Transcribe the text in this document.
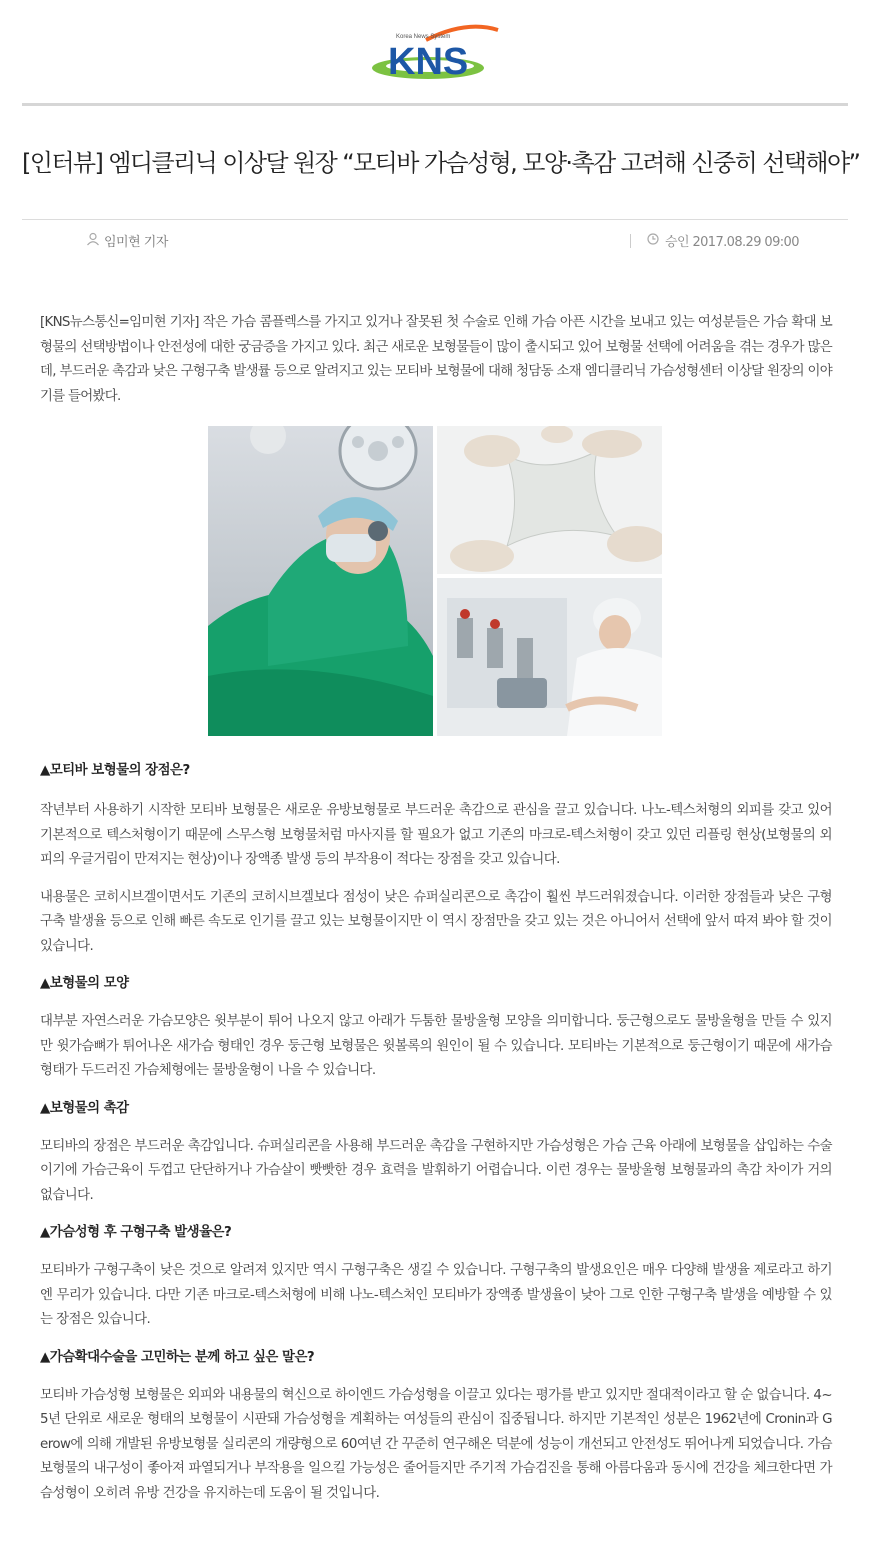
KNS
Korea News System
[인터뷰] 엠디클리닉 이상달 원장 “모티바 가슴성형, 모양·촉감 고려해 신중히 선택해야”
임미현 기자	승인 2017.08.29 09:00

[KNS뉴스통신=임미현 기자] 작은 가슴 콤플렉스를 가지고 있거나 잘못된 첫 수술로 인해 가슴 아픈 시간을 보내고 있는 여성분들은 가슴 확대 보형물의 선택방법이나 안전성에 대한 궁금증을 가지고 있다. 최근 새로운 보형물들이 많이 출시되고 있어 보형물 선택에 어려움을 겪는 경우가 많은데, 부드러운 촉감과 낮은 구형구축 발생률 등으로 알려지고 있는 모티바 보형물에 대해 청담동 소재 엠디클리닉 가슴성형센터 이상달 원장의 이야기를 들어봤다.

▲모티바 보형물의 장점은?

작년부터 사용하기 시작한 모티바 보형물은 새로운 유방보형물로 부드러운 촉감으로 관심을 끌고 있습니다. 나노-텍스처형의 외피를 갖고 있어 기본적으로 텍스처형이기 때문에 스무스형 보형물처럼 마사지를 할 필요가 없고 기존의 마크로-텍스처형이 갖고 있던 리플링 현상(보형물의 외피의 우글거림이 만져지는 현상)이나 장액종 발생 등의 부작용이 적다는 장점을 갖고 있습니다.

내용물은 코히시브겔이면서도 기존의 코히시브겔보다 점성이 낮은 슈퍼실리콘으로 촉감이 훨씬 부드러워졌습니다. 이러한 장점들과 낮은 구형구축 발생율 등으로 인해 빠른 속도로 인기를 끌고 있는 보형물이지만 이 역시 장점만을 갖고 있는 것은 아니어서 선택에 앞서 따져 봐야 할 것이 있습니다.

▲보형물의 모양

대부분 자연스러운 가슴모양은 윗부분이 튀어 나오지 않고 아래가 두툼한 물방울형 모양을 의미합니다. 둥근형으로도 물방울형을 만들 수 있지만 윗가슴뼈가 튀어나온 새가슴 형태인 경우 둥근형 보형물은 윗볼록의 원인이 될 수 있습니다. 모티바는 기본적으로 둥근형이기 때문에 새가슴 형태가 두드러진 가슴체형에는 물방울형이 나을 수 있습니다.

▲보형물의 촉감

모티바의 장점은 부드러운 촉감입니다. 슈퍼실리콘을 사용해 부드러운 촉감을 구현하지만 가슴성형은 가슴 근육 아래에 보형물을 삽입하는 수술이기에 가슴근육이 두껍고 단단하거나 가슴살이 빳빳한 경우 효력을 발휘하기 어렵습니다. 이런 경우는 물방울형 보형물과의 촉감 차이가 거의 없습니다.

▲가슴성형 후 구형구축 발생율은?

모티바가 구형구축이 낮은 것으로 알려져 있지만 역시 구형구축은 생길 수 있습니다. 구형구축의 발생요인은 매우 다양해 발생율 제로라고 하기엔 무리가 있습니다. 다만 기존 마크로-텍스처형에 비해 나노-텍스처인 모티바가 장액종 발생율이 낮아 그로 인한 구형구축 발생을 예방할 수 있는 장점은 있습니다.

▲가슴확대수술을 고민하는 분께 하고 싶은 말은?

모티바 가슴성형 보형물은 외피와 내용물의 혁신으로 하이엔드 가슴성형을 이끌고 있다는 평가를 받고 있지만 절대적이라고 할 순 없습니다. 4~5년 단위로 새로운 형태의 보형물이 시판돼 가슴성형을 계획하는 여성들의 관심이 집중됩니다. 하지만 기본적인 성분은 1962년에 Cronin과 Gerow에 의해 개발된 유방보형물 실리콘의 개량형으로 60여년 간 꾸준히 연구해온 덕분에 성능이 개선되고 안전성도 뛰어나게 되었습니다. 가슴보형물의 내구성이 좋아져 파열되거나 부작용을 일으킬 가능성은 줄어들지만 주기적 가슴검진을 통해 아름다움과 동시에 건강을 체크한다면 가슴성형이 오히려 유방 건강을 유지하는데 도움이 될 것입니다.
